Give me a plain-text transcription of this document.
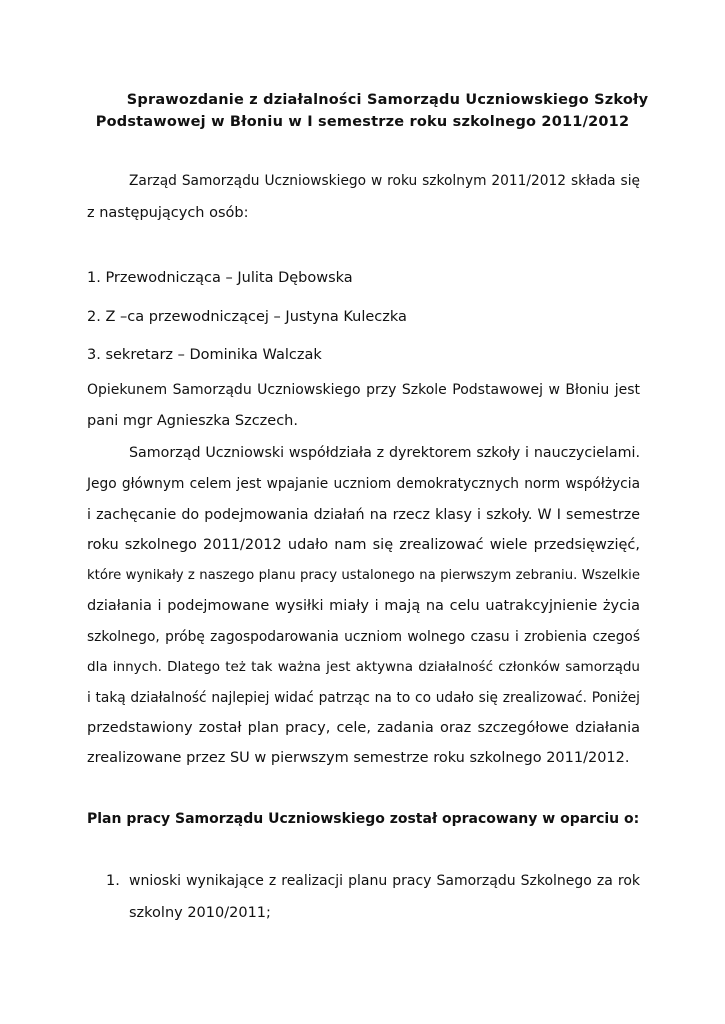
Sprawozdanie z działalności Samorządu Uczniowskiego Szkoły
Podstawowej w Błoniu w I semestrze roku szkolnego 2011/2012
Zarząd Samorządu Uczniowskiego w roku szkolnym 2011/2012 składa się
z następujących osób:
1. Przewodnicząca – Julita Dębowska
2. Z –ca przewodniczącej – Justyna Kuleczka
3. sekretarz – Dominika Walczak
Opiekunem Samorządu Uczniowskiego przy Szkole Podstawowej w Błoniu jest
pani mgr Agnieszka Szczech.
Samorząd Uczniowski współdziała z dyrektorem szkoły i nauczycielami.
Jego głównym celem jest wpajanie uczniom demokratycznych norm współżycia
i zachęcanie do podejmowania działań na rzecz klasy i szkoły. W I semestrze
roku szkolnego 2011/2012 udało nam się zrealizować wiele przedsięwzięć,
które wynikały z naszego planu pracy ustalonego na pierwszym zebraniu. Wszelkie
działania i podejmowane wysiłki miały i mają na celu uatrakcyjnienie życia
szkolnego, próbę zagospodarowania uczniom wolnego czasu i zrobienia czegoś
dla innych. Dlatego też tak ważna jest aktywna działalność członków samorządu
i taką działalność najlepiej widać patrząc na to co udało się zrealizować. Poniżej
przedstawiony został plan pracy, cele, zadania oraz szczegółowe działania
zrealizowane przez SU w pierwszym semestrze roku szkolnego 2011/2012.
Plan pracy Samorządu Uczniowskiego został opracowany w oparciu o:
1. wnioski wynikające z realizacji planu pracy Samorządu Szkolnego za rok
szkolny 2010/2011;
